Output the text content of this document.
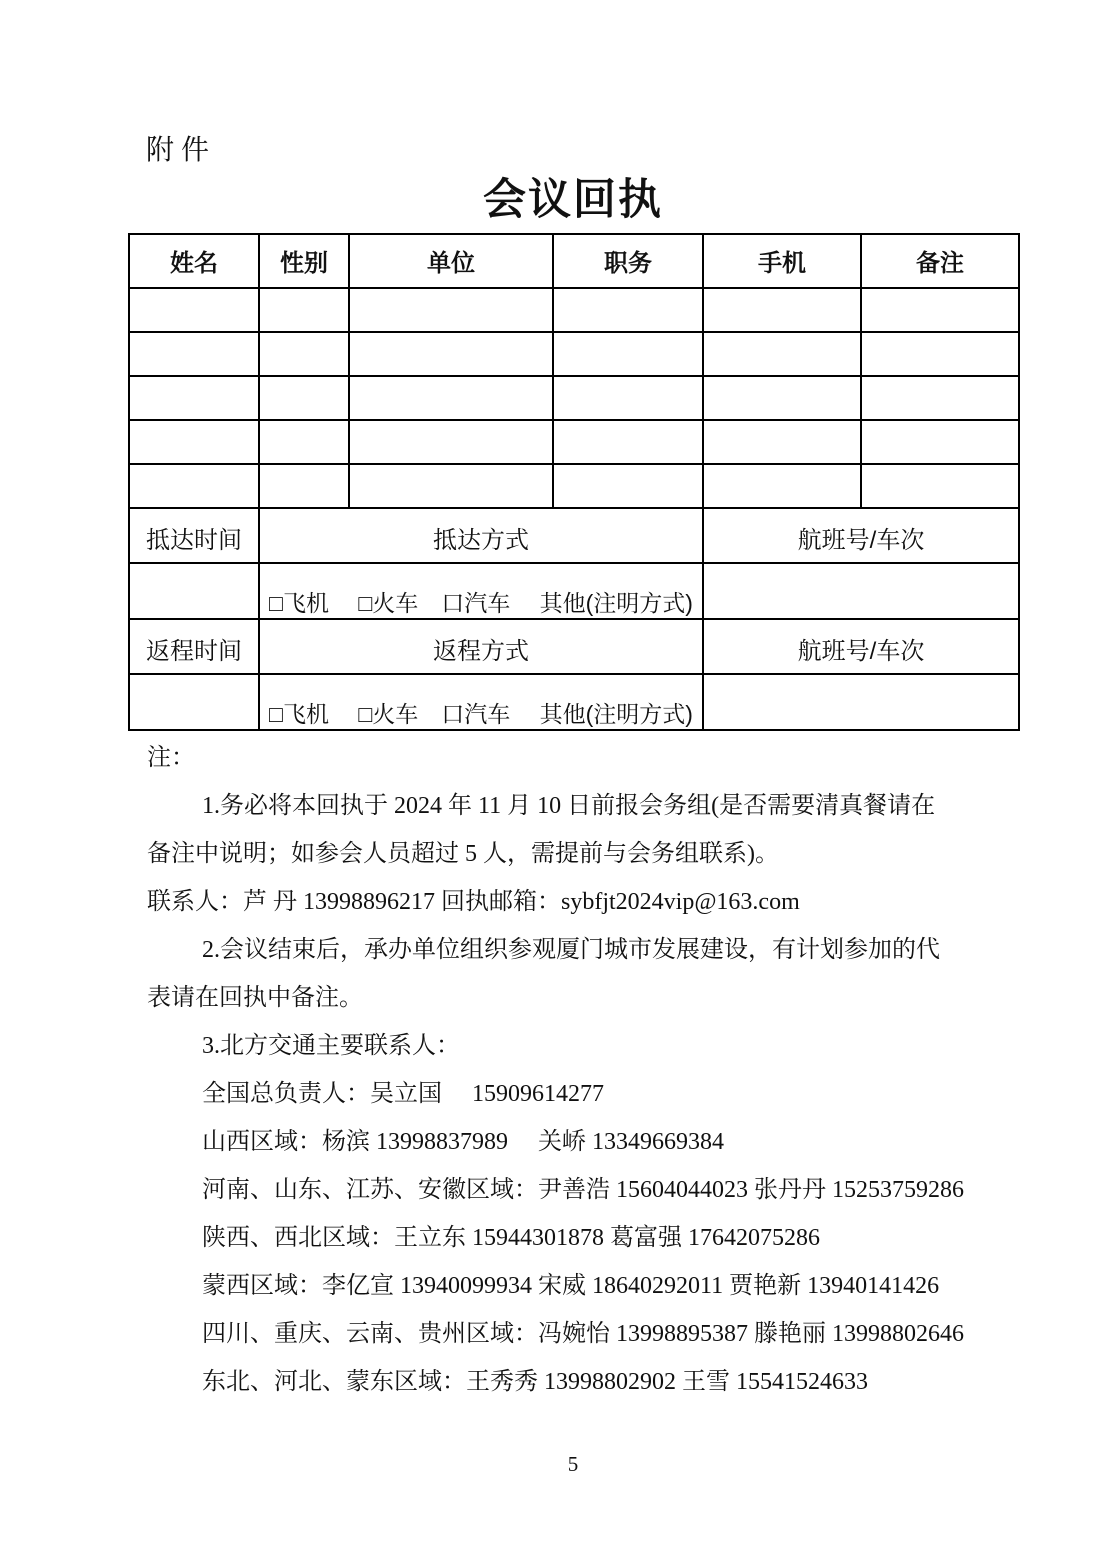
附件
会议回执
姓名	性别	单位	职务	手机	备注

抵达时间	抵达方式			航班号/车次	
	□飞机　 □火车　口汽车　 其他(注明方式)				
返程时间	返程方式			航班号/车次	
	□飞机　 □火车　口汽车　 其他(注明方式)				
注：
1.务必将本回执于 2024 年 11 月 10 日前报会务组(是否需要清真餐请在
备注中说明；如参会人员超过 5 人，需提前与会务组联系)。
联系人：芦 丹 13998896217 回执邮箱：sybfjt2024vip@163.com
2.会议结束后，承办单位组织参观厦门城市发展建设，有计划参加的代
表请在回执中备注。
3.北方交通主要联系人：
全国总负责人：吴立国　 15909614277
山西区域：杨滨 13998837989 　关峤 13349669384
河南、山东、江苏、安徽区域：尹善浩 15604044023 张丹丹 15253759286
陕西、西北区域：王立东 15944301878 葛富强 17642075286
蒙西区域：李亿宣 13940099934 宋威 18640292011 贾艳新 13940141426
四川、重庆、云南、贵州区域：冯婉怡 13998895387 滕艳丽 13998802646
东北、河北、蒙东区域：王秀秀 13998802902 王雪 15541524633
5
